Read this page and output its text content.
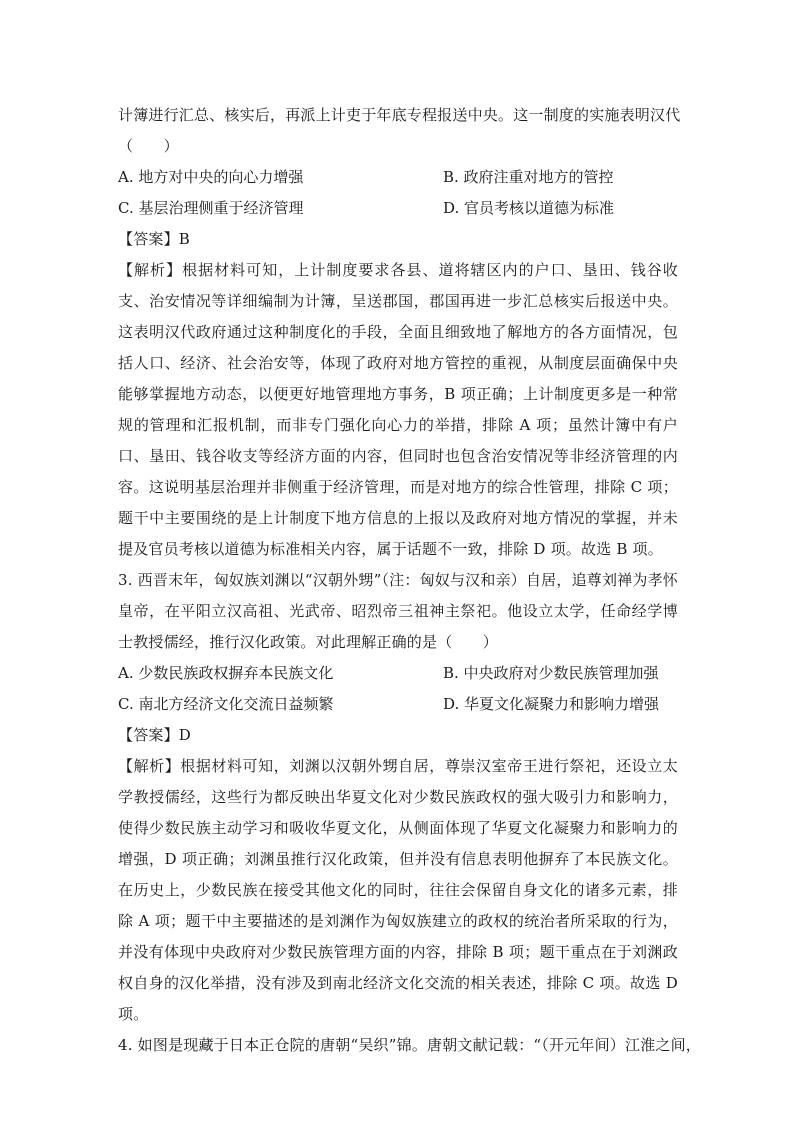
计簿进行汇总、核实后，再派上计吏于年底专程报送中央。这一制度的实施表明汉代
（　　）
A. 地方对中央的向心力增强	B. 政府注重对地方的管控
C. 基层治理侧重于经济管理	D. 官员考核以道德为标准
【答案】B
【解析】根据材料可知，上计制度要求各县、道将辖区内的户口、垦田、钱谷收支、治安情况等详细编制为计簿，呈送郡国，郡国再进一步汇总核实后报送中央。这表明汉代政府通过这种制度化的手段，全面且细致地了解地方的各方面情况，包括人口、经济、社会治安等，体现了政府对地方管控的重视，从制度层面确保中央能够掌握地方动态，以便更好地管理地方事务，B 项正确；上计制度更多是一种常规的管理和汇报机制，而非专门强化向心力的举措，排除 A 项；虽然计簿中有户口、垦田、钱谷收支等经济方面的内容，但同时也包含治安情况等非经济管理的内容。这说明基层治理并非侧重于经济管理，而是对地方的综合性管理，排除 C 项；题干中主要围绕的是上计制度下地方信息的上报以及政府对地方情况的掌握，并未提及官员考核以道德为标准相关内容，属于话题不一致，排除 D 项。故选 B 项。
3. 西晋末年，匈奴族刘渊以“汉朝外甥”（注：匈奴与汉和亲）自居，追尊刘禅为孝怀皇帝，在平阳立汉高祖、光武帝、昭烈帝三祖神主祭祀。他设立太学，任命经学博士教授儒经，推行汉化政策。对此理解正确的是（　　）
A. 少数民族政权摒弃本民族文化	B. 中央政府对少数民族管理加强
C. 南北方经济文化交流日益频繁	D. 华夏文化凝聚力和影响力增强
【答案】D
【解析】根据材料可知，刘渊以汉朝外甥自居，尊崇汉室帝王进行祭祀，还设立太学教授儒经，这些行为都反映出华夏文化对少数民族政权的强大吸引力和影响力，使得少数民族主动学习和吸收华夏文化，从侧面体现了华夏文化凝聚力和影响力的增强，D 项正确；刘渊虽推行汉化政策，但并没有信息表明他摒弃了本民族文化。在历史上，少数民族在接受其他文化的同时，往往会保留自身文化的诸多元素，排除 A 项；题干中主要描述的是刘渊作为匈奴族建立的政权的统治者所采取的行为，并没有体现中央政府对少数民族管理方面的内容，排除 B 项；题干重点在于刘渊政权自身的汉化举措，没有涉及到南北经济文化交流的相关表述，排除 C 项。故选 D 项。
4. 如图是现藏于日本正仓院的唐朝“吴织”锦。唐朝文献记载：“（开元年间）江淮之间，
